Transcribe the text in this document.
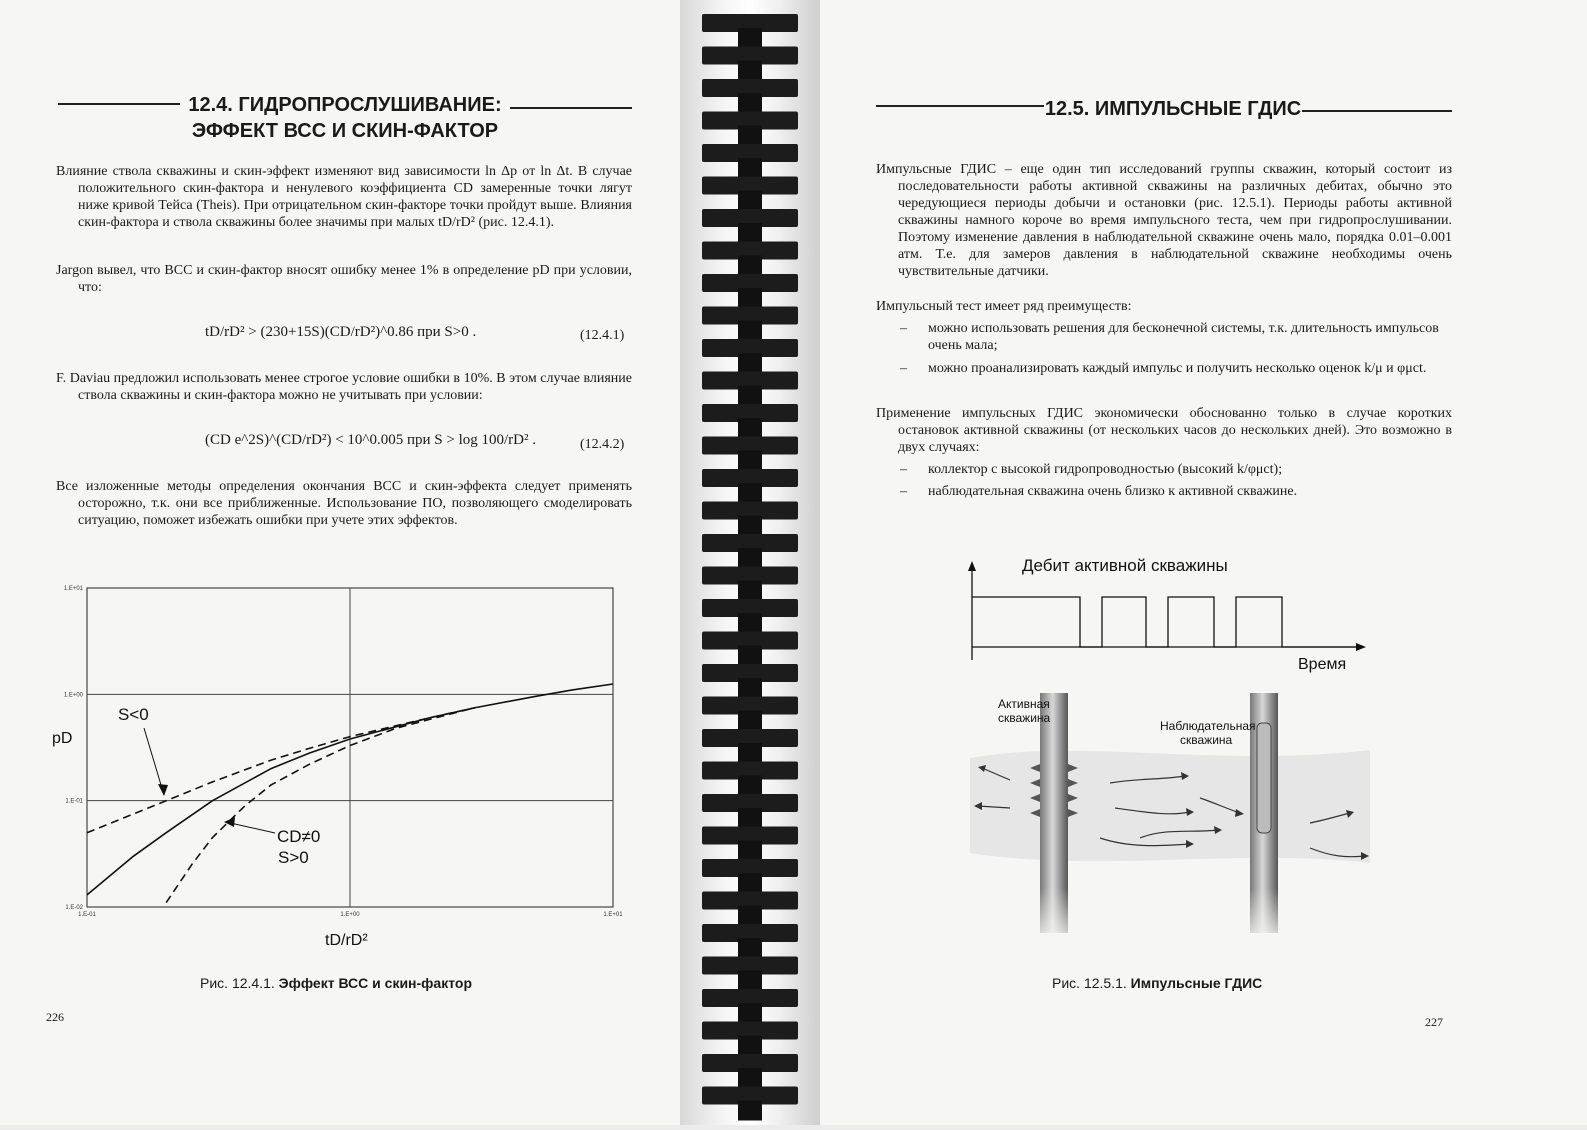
12.4. ГИДРОПРОСЛУШИВАНИЕ:
ЭФФЕКТ ВСС И СКИН-ФАКТОР
Влияние ствола скважины и скин-эффект изменяют вид зависимости ln Δp от ln Δt. В случае положительного скин-фактора и ненулевого коэффициента CD замеренные точки лягут ниже кривой Тейса (Theis). При отрицательном скин-факторе точки пройдут выше. Влияния скин-фактора и ствола скважины более значимы при малых tD/rD² (рис. 12.4.1).
Jargon вывел, что ВСС и скин-фактор вносят ошибку менее 1% в определение pD при условии, что:
tD/rD² > (230+15S)(CD/rD²)^0.86 при S>0 .	(12.4.1)
F. Daviau предложил использовать менее строгое условие ошибки в 10%. В этом случае влияние ствола скважины и скин-фактора можно не учитывать при условии:
(CD e^2S)^(CD/rD²) < 10^0.005 при S > log 100/rD² .	(12.4.2)
Все изложенные методы определения окончания ВСС и скин-эффекта следует применять осторожно, т.к. они все приближенные. Использование ПО, позволяющего смоделировать ситуацию, поможет избежать ошибки при учете этих эффектов.
1.E-02
1.E-01
1.E+00
1.E+01
1.E-01	1.E+00	1.E+01
pD
tD/rD²
S<0
CD≠0
S>0
Рис. 12.4.1. Эффект ВСС и скин-фактор
226
12.5. ИМПУЛЬСНЫЕ ГДИС
Импульсные ГДИС – еще один тип исследований группы скважин, который состоит из последовательности работы активной скважины на различных дебитах, обычно это чередующиеся периоды добычи и остановки (рис. 12.5.1). Периоды работы активной скважины намного короче во время импульсного теста, чем при гидропрослушивании. Поэтому изменение давления в наблюдательной скважине очень мало, порядка 0.01–0.001 атм. Т.е. для замеров давления в наблюдательной скважине необходимы очень чувствительные датчики.
Импульсный тест имеет ряд преимуществ:
– можно использовать решения для бесконечной системы, т.к. длительность импульсов очень мала;
– можно проанализировать каждый импульс и получить несколько оценок k/μ и φμct.
Применение импульсных ГДИС экономически обоснованно только в случае коротких остановок активной скважины (от нескольких часов до нескольких дней). Это возможно в двух случаях:
– коллектор с высокой гидропроводностью (высокий k/φμct);
– наблюдательная скважина очень близко к активной скважине.
Дебит активной скважины
Время
Активная
скважина
Наблюдательная
скважина
Рис. 12.5.1. Импульсные ГДИС
227
